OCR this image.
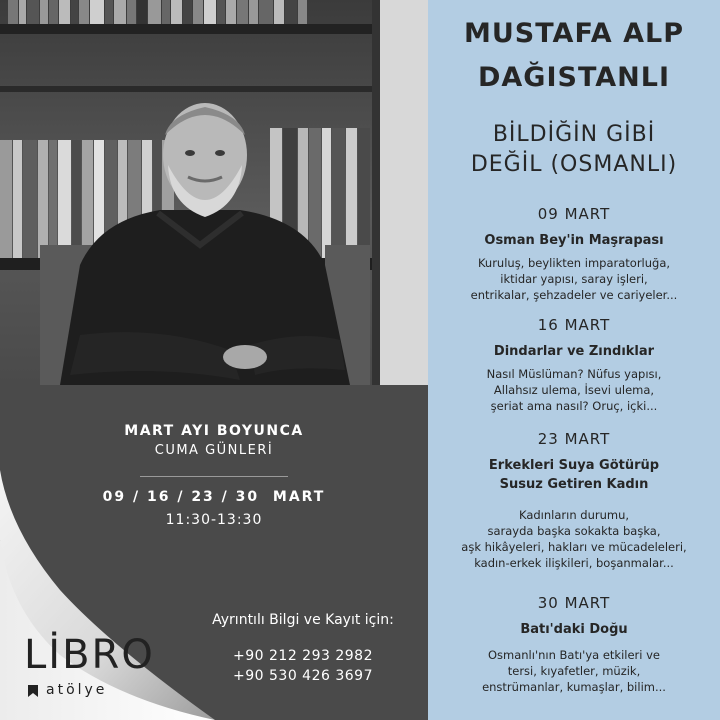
MART AYI BOYUNCA
CUMA GÜNLERİ
09 / 16 / 23 / 30  MART
11:30-13:30
Ayrıntılı Bilgi ve Kayıt için:
+90 212 293 2982
+90 530 426 3697
LİBRO
atölye
MUSTAFA ALP
DAĞISTANLI
BİLDİĞİN GİBİ
DEĞİL (OSMANLI)
09 MART
Osman Bey'in Maşrapası
Kuruluş, beylikten imparatorluğa,
iktidar yapısı, saray işleri,
entrikalar, şehzadeler ve cariyeler...
16 MART
Dindarlar ve Zındıklar
Nasıl Müslüman? Nüfus yapısı,
Allahsız ulema, İsevi ulema,
şeriat ama nasıl? Oruç, içki...
23 MART
Erkekleri Suya Götürüp
Susuz Getiren Kadın
Kadınların durumu,
sarayda başka sokakta başka,
aşk hikâyeleri, hakları ve mücadeleleri,
kadın-erkek ilişkileri, boşanmalar...
30 MART
Batı'daki Doğu
Osmanlı'nın Batı'ya etkileri ve
tersi, kıyafetler, müzik,
enstrümanlar, kumaşlar, bilim...
